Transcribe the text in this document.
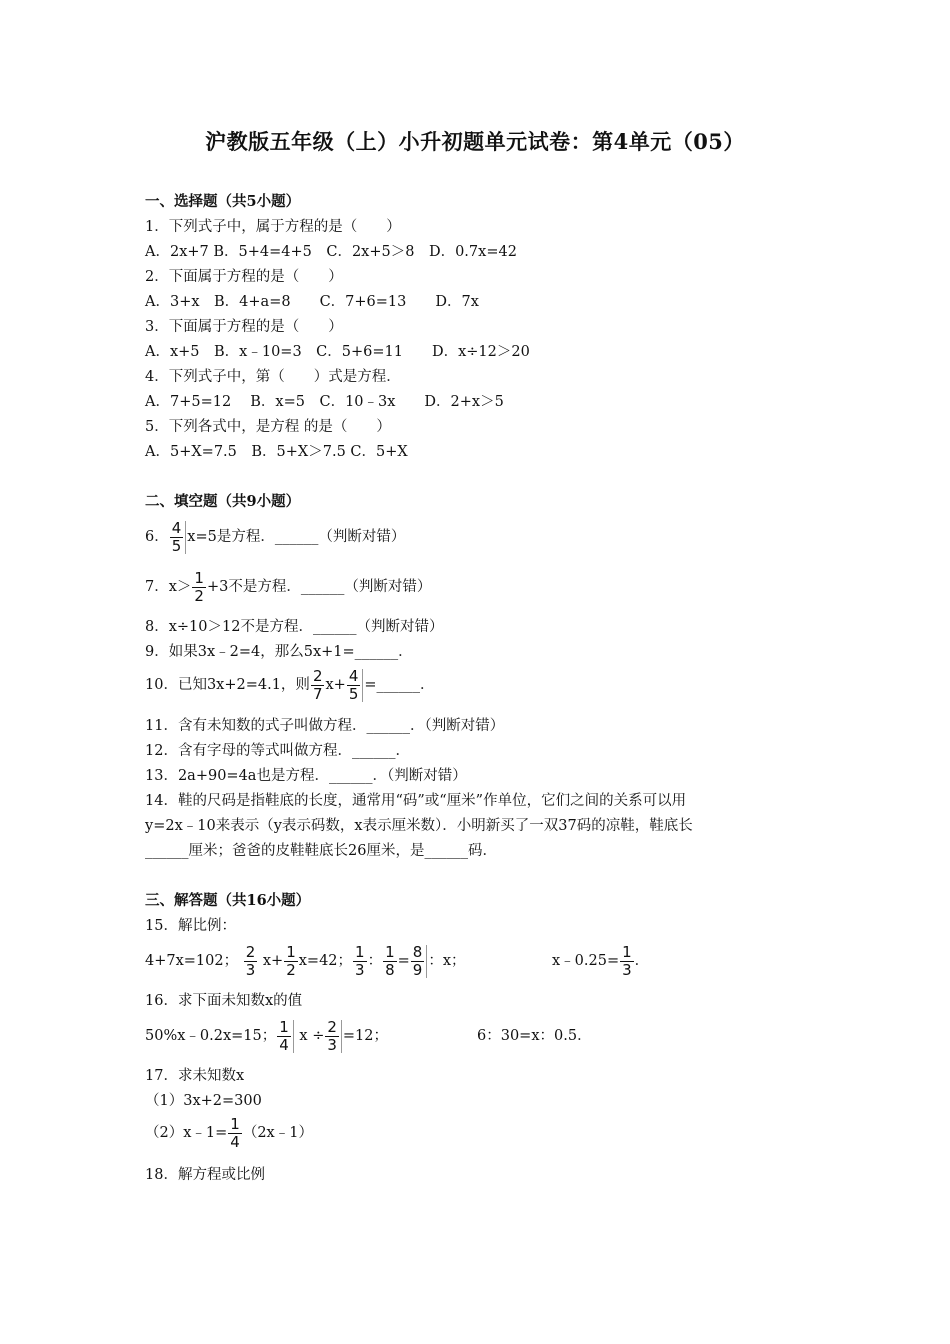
沪教版五年级（上）小升初题单元试卷：第4单元（05）
一、选择题（共5小题）
1．下列式子中，属于方程的是（　　）
A．2x+7 B．5+4=4+5　C．2x+5＞8　D．0.7x=42
2．下面属于方程的是（　　）
A．3+x　B．4+a=8　　C．7+6=13　　D．7x
3．下面属于方程的是（　　）
A．x+5　B．x﹣10=3　C．5+6=11　　D．x÷12＞20
4．下列式子中，第（　　）式是方程．
A．7+5=12　 B．x=5　C．10﹣3x　　D．2+x＞5
5．下列各式中，是方程 的是（　　）
A．5+X=7.5　B．5+X＞7.5 C．5+X
二、填空题（共9小题）
6． $\frac{4}{5} x=5$是方程．______（判断对错）
7．$x> \frac{1}{2} +3$不是方程．______（判断对错）
8．x÷10＞12不是方程．______（判断对错）
9．如果3x﹣2=4，那么5x+1=______．
10．已知3x+2=4.1，则 $\frac{2}{7} x+ \frac{4}{5}$ =______．
11．含有未知数的式子叫做方程．______．（判断对错）
12．含有字母的等式叫做方程．______．
13．2a+90=4a也是方程．______．（判断对错）
14．鞋的尺码是指鞋底的长度，通常用“码”或“厘米”作单位，它们之间的关系可以用
y=2x﹣10来表示（y表示码数，x表示厘米数）．小明新买了一双37码的凉鞋，鞋底长
______厘米；爸爸的皮鞋鞋底长26厘米，是______码．
三、解答题（共16小题）
15．解比例：
4+7x=102； $\frac{2}{3} x+ \frac{1}{2} x=42$； $\frac{1}{3}$ ： $\frac{1}{8} = \frac{8}{9}$ ：x；	x﹣0.25= $\frac{1}{3}$ ．
16．求下面未知数x的值
50%x﹣0.2x=15； $\frac{1}{4}$ $x \div \frac{2}{3} =12$；	6：30=x：0.5．
17．求未知数x
（1）3x+2=300
（2）x﹣1= $\frac{1}{4}$ （2x﹣1）
18．解方程或比例
